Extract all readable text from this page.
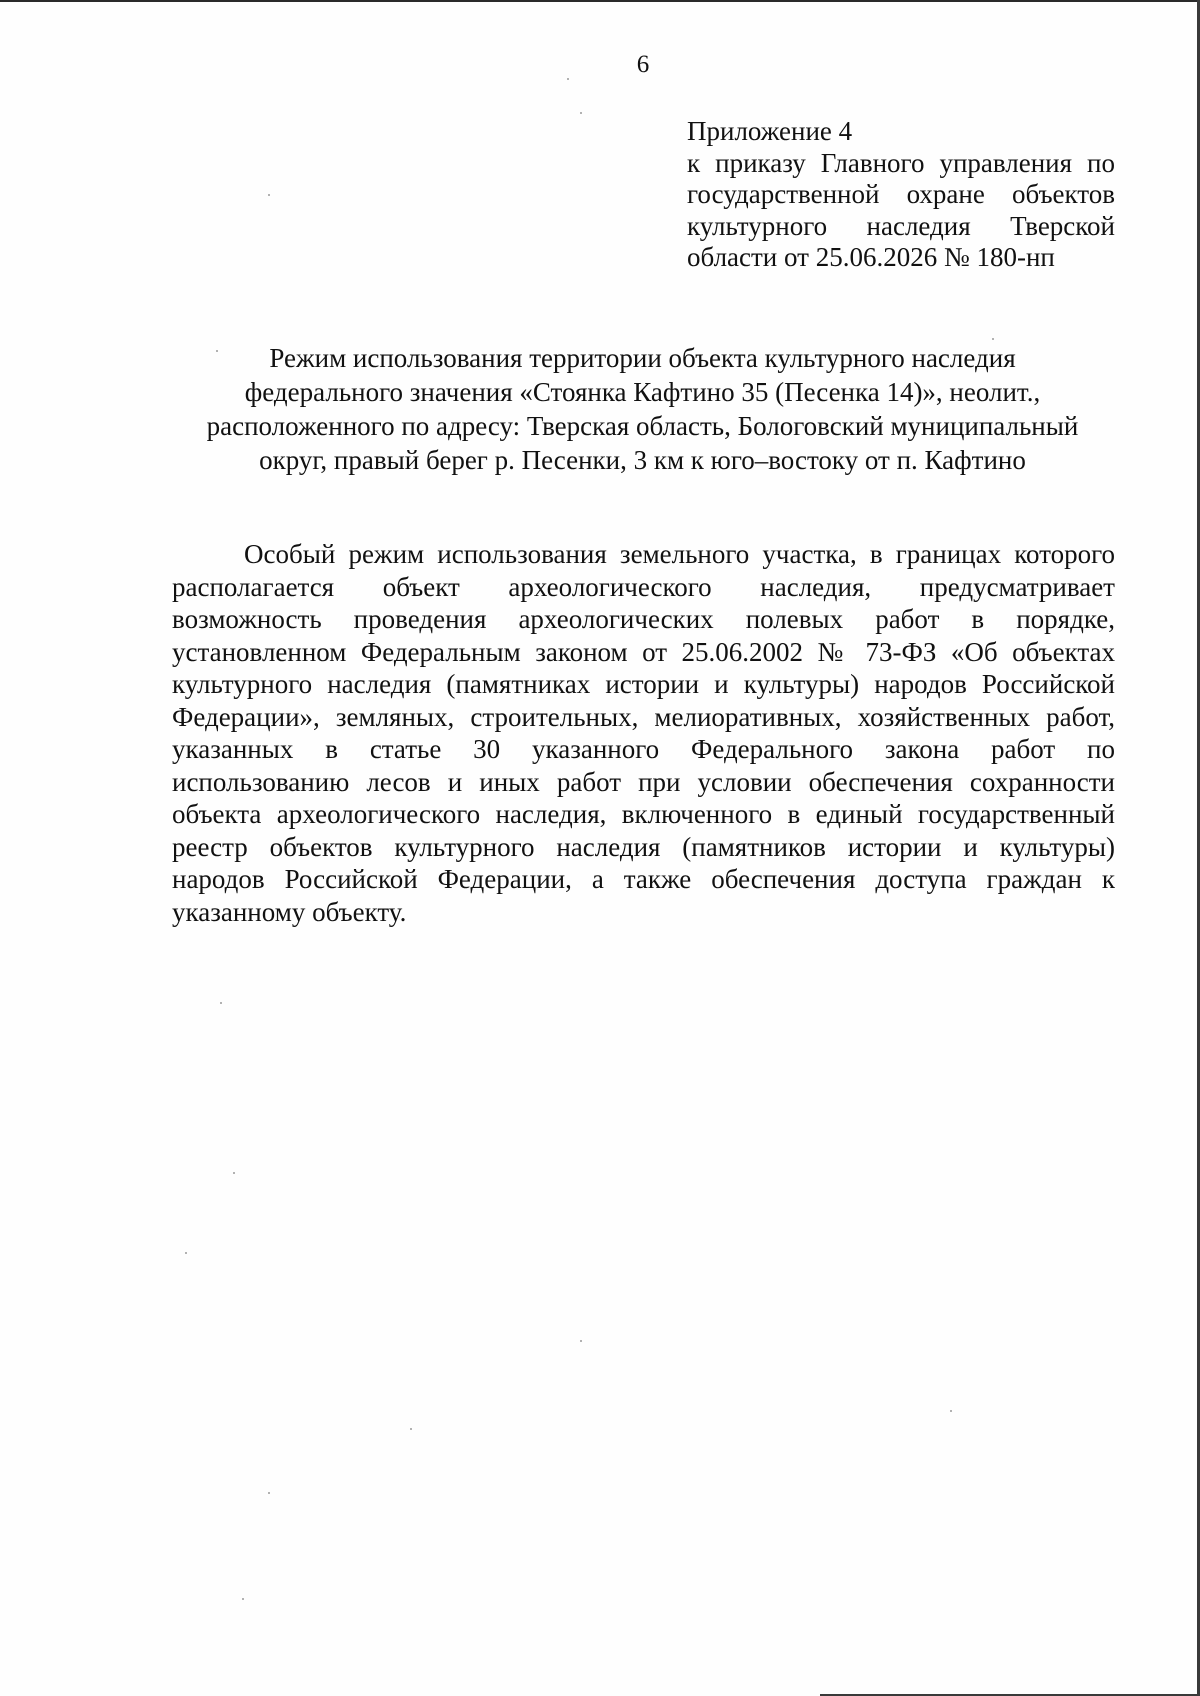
6
Приложение 4
к приказу Главного управления по
государственной охране объектов
культурного наследия Тверской
области от 25.06.2026 № 180-нп
Режим использования территории объекта культурного наследия
федерального значения «Стоянка Кафтино 35 (Песенка 14)», неолит.,
расположенного по адресу: Тверская область, Бологовский муниципальный
округ, правый берег р. Песенки, 3 км к юго–востоку от п. Кафтино
Особый режим использования земельного участка, в границах которого
располагается объект археологического наследия, предусматривает
возможность проведения археологических полевых работ в порядке,
установленном Федеральным законом от 25.06.2002 № 73-ФЗ «Об объектах
культурного наследия (памятниках истории и культуры) народов Российской
Федерации», земляных, строительных, мелиоративных, хозяйственных работ,
указанных в статье 30 указанного Федерального закона работ по
использованию лесов и иных работ при условии обеспечения сохранности
объекта археологического наследия, включенного в единый государственный
реестр объектов культурного наследия (памятников истории и культуры)
народов Российской Федерации, а также обеспечения доступа граждан к
указанному объекту.
